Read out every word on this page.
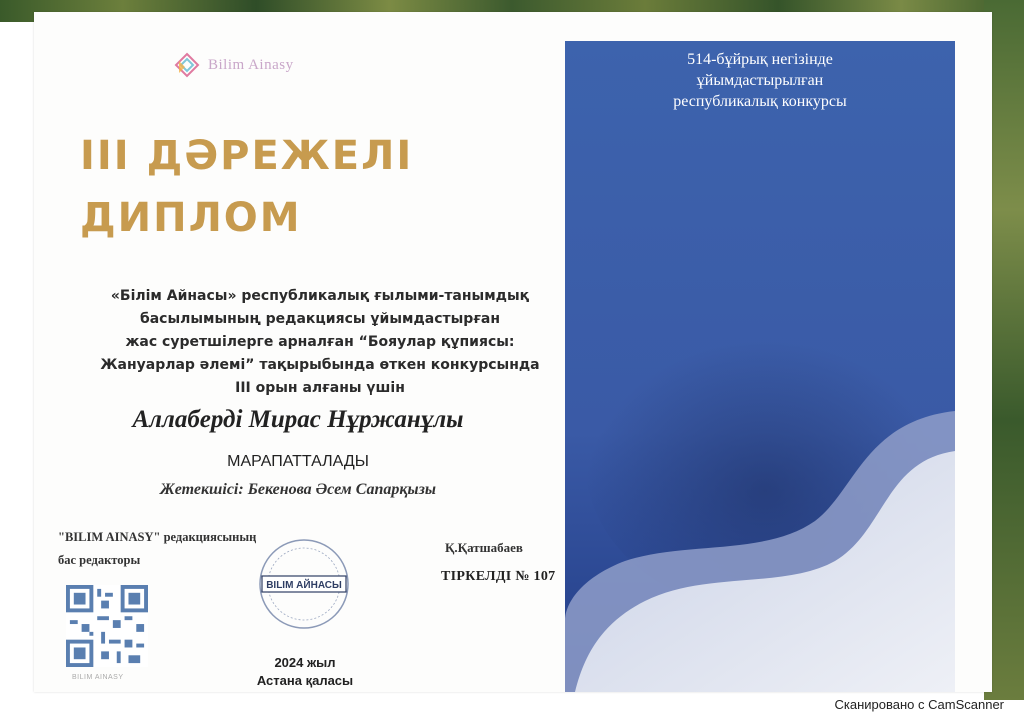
Bilim Ainasy
III ДӘРЕЖЕЛІ
ДИПЛОМ
«Білім Айнасы» республикалық ғылыми-танымдық
басылымының редакциясы ұйымдастырған
жас суретшілерге арналған “Бояулар құпиясы:
Жануарлар әлемі” тақырыбында өткен конкурсында
ІІІ орын алғаны үшін
Аллаберді Мирас Нұржанұлы
МАРАПАТТАЛАДЫ
Жетекшісі: Бекенова Әсем Сапарқызы
"BILIM AINASY" редакциясының
бас редакторы
BILIM AINASY
BILIM АЙНАСЫ
2024 жыл
Астана қаласы
Қ.Қатшабаев
ТІРКЕЛДІ № 107
514-бұйрық негізінде
ұйымдастырылған
республикалық конкурсы
Сканировано с CamScanner
